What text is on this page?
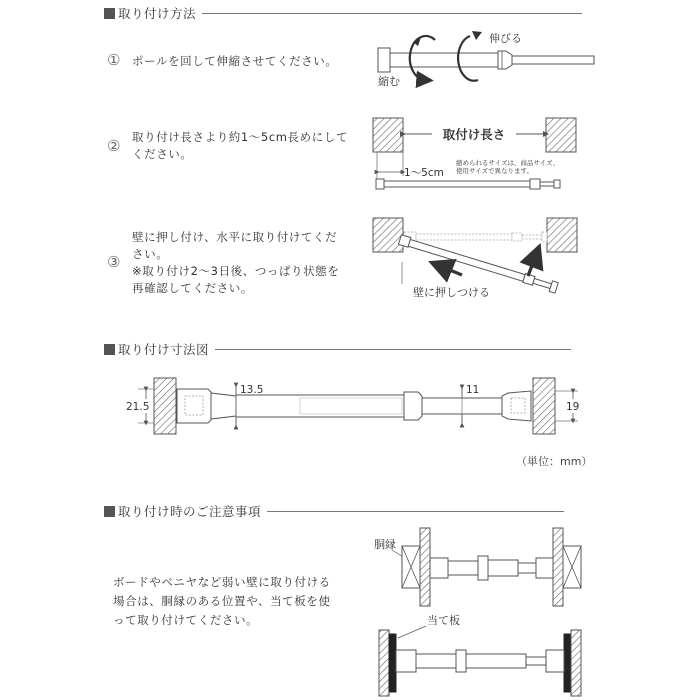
取り付け方法
取り付け寸法図
取り付け時のご注意事項
① ポールを回して伸縮させてください。
② 取り付け長さより約1～5cm長めにして
ください。
③
壁に押し付け、水平に取り付けてくだ
さい。
※取り付け2～3日後、つっぱり状態を
再確認してください。
（単位：mm）
ボードやベニヤなど弱い壁に取り付ける
場合は、胴縁のある位置や、当て板を使
って取り付けてください。
伸びる
縮む
取付け長さ
1～5cm
縮められるサイズは、商品サイズ、
使用サイズで異なります。
壁に押しつける
21.5	19
13.5	11
胴縁
当て板
